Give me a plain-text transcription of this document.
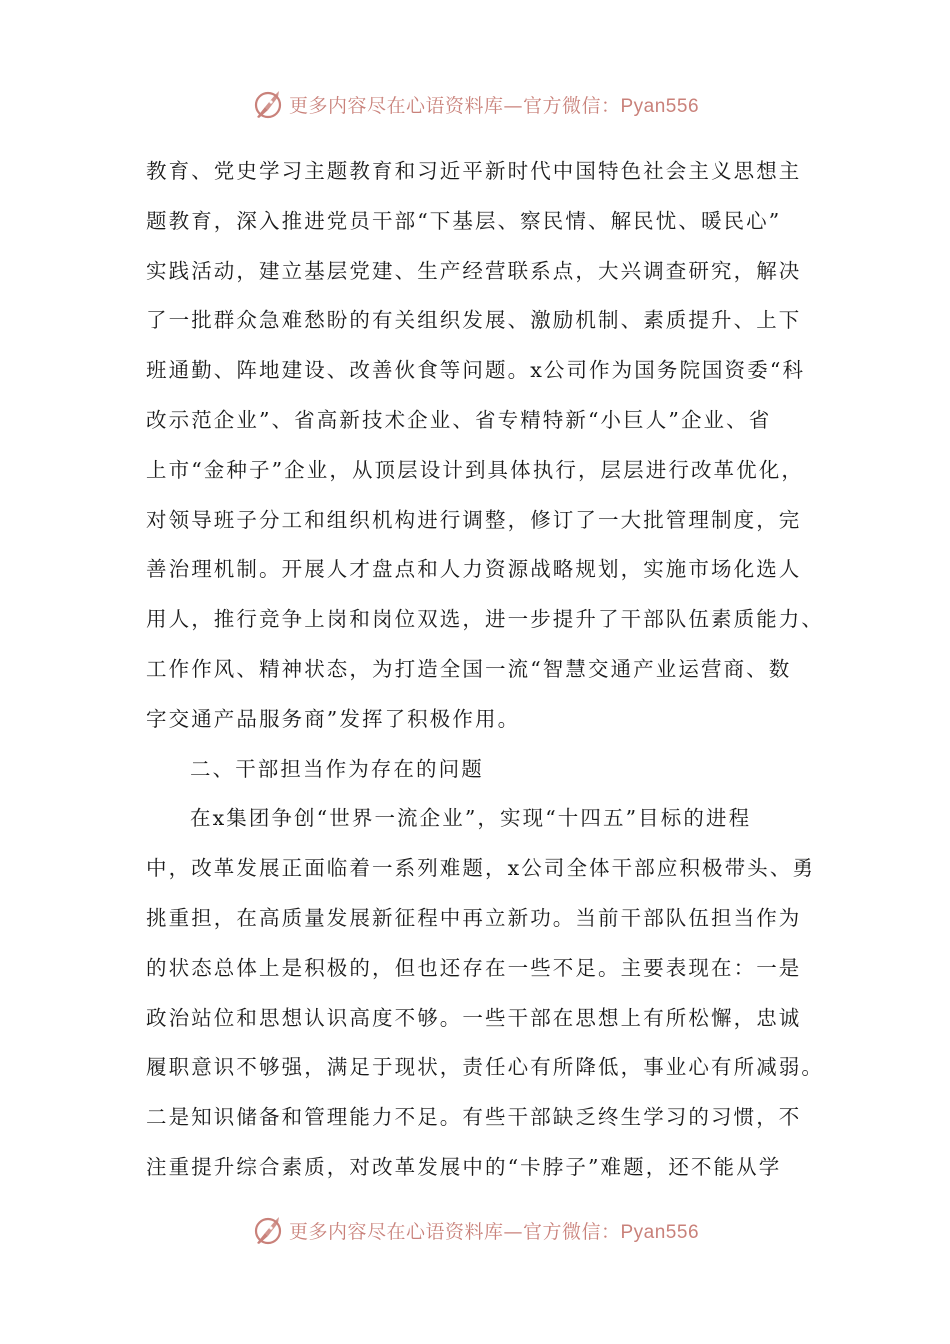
更多内容尽在心语资料库—官方微信：Pyan556
教育、党史学习主题教育和习近平新时代中国特色社会主义思想主
题教育，深入推进党员干部“下基层、察民情、解民忧、暖民心”
实践活动，建立基层党建、生产经营联系点，大兴调查研究，解决
了一批群众急难愁盼的有关组织发展、激励机制、素质提升、上下
班通勤、阵地建设、改善伙食等问题。x公司作为国务院国资委“科
改示范企业”、省高新技术企业、省专精特新“小巨人”企业、省
上市“金种子”企业，从顶层设计到具体执行，层层进行改革优化，
对领导班子分工和组织机构进行调整，修订了一大批管理制度，完
善治理机制。开展人才盘点和人力资源战略规划，实施市场化选人
用人，推行竞争上岗和岗位双选，进一步提升了干部队伍素质能力、
工作作风、精神状态，为打造全国一流“智慧交通产业运营商、数
字交通产品服务商”发挥了积极作用。
二、干部担当作为存在的问题
在x集团争创“世界一流企业”，实现“十四五”目标的进程
中，改革发展正面临着一系列难题，x公司全体干部应积极带头、勇
挑重担，在高质量发展新征程中再立新功。当前干部队伍担当作为
的状态总体上是积极的，但也还存在一些不足。主要表现在：一是
政治站位和思想认识高度不够。一些干部在思想上有所松懈，忠诚
履职意识不够强，满足于现状，责任心有所降低，事业心有所减弱。
二是知识储备和管理能力不足。有些干部缺乏终生学习的习惯，不
注重提升综合素质，对改革发展中的“卡脖子”难题，还不能从学
更多内容尽在心语资料库—官方微信：Pyan556
